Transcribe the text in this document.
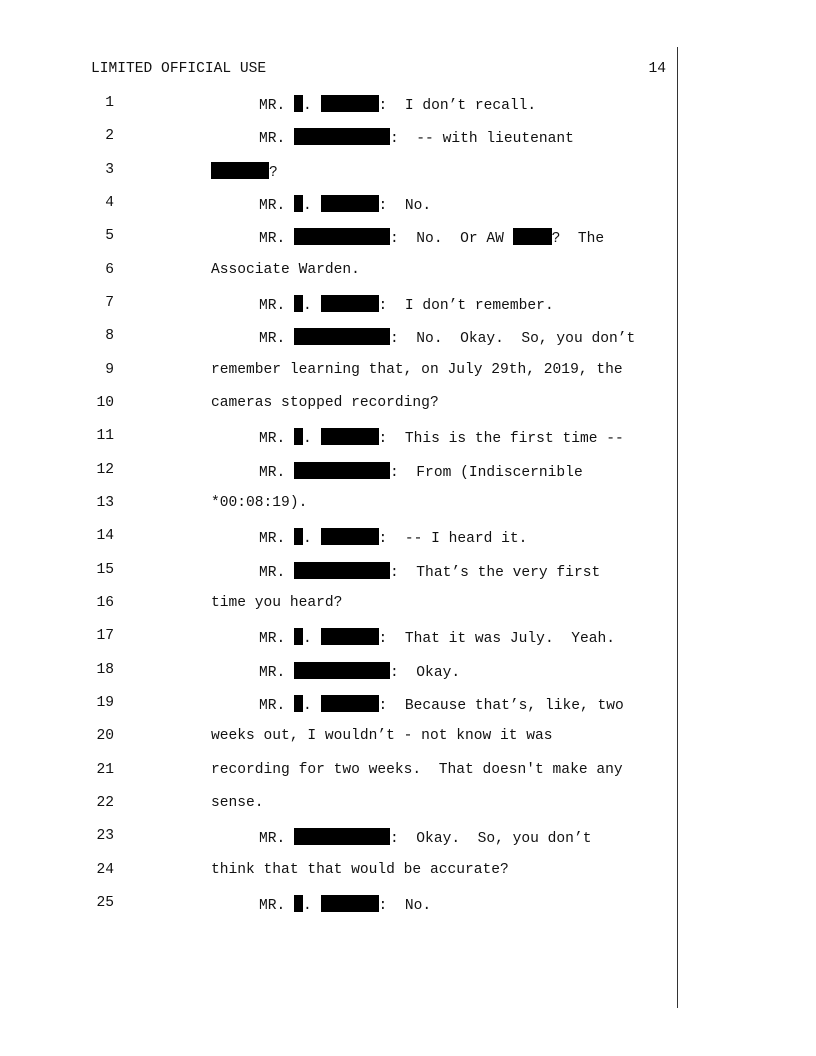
LIMITED OFFICIAL USE	14
1	MR. .	:  I don’t recall.
2	MR.	:  -- with lieutenant
3	?
4	MR. .	:  No.
5	MR.	:  No.  Or AW	?  The
6	Associate Warden.
7	MR. .	:  I don’t remember.
8	MR.	:  No.  Okay.  So, you don’t
9	remember learning that, on July 29th, 2019, the
10	cameras stopped recording?
11	MR. .	:  This is the first time --
12	MR.	:  From (Indiscernible
13	*00:08:19).
14	MR. .	:  -- I heard it.
15	MR.	:  That’s the very first
16	time you heard?
17	MR. .	:  That it was July.  Yeah.
18	MR.	:  Okay.
19	MR. .	:  Because that’s, like, two
20	weeks out, I wouldn’t - not know it was
21	recording for two weeks.  That doesn't make any
22	sense.
23	MR.	:  Okay.  So, you don’t
24	think that that would be accurate?
25	MR. .	:  No.
